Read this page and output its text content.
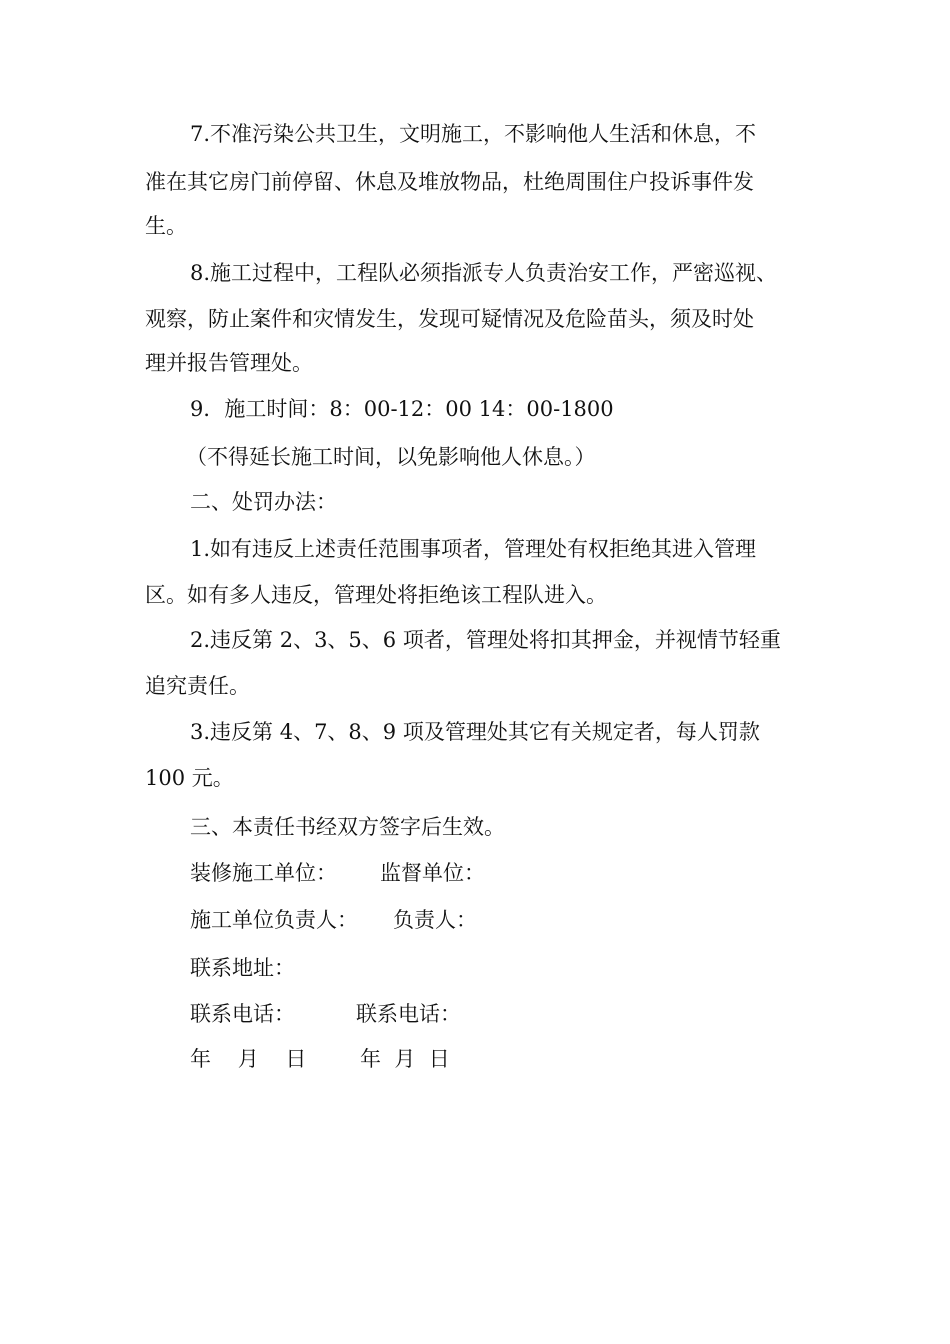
7.不准污染公共卫生，文明施工，不影响他人生活和休息，不
准在其它房门前停留、休息及堆放物品，杜绝周围住户投诉事件发
生。
8.施工过程中，工程队必须指派专人负责治安工作，严密巡视、
观察，防止案件和灾情发生，发现可疑情况及危险苗头，须及时处
理并报告管理处。
9．施工时间：8：00-12：00 14：00-1800
（不得延长施工时间，以免影响他人休息。）
二、处罚办法：
1.如有违反上述责任范围事项者，管理处有权拒绝其进入管理
区。如有多人违反，管理处将拒绝该工程队进入。
2.违反第 2、3、5、6 项者，管理处将扣其押金，并视情节轻重
追究责任。
3.违反第 4、7、8、9 项及管理处其它有关规定者，每人罚款
100 元。
三、本责任书经双方签字后生效。
装修施工单位： 监督单位：
施工单位负责人： 负责人：
联系地址：
联系电话：	联系电话：
年    月    日	年  月  日
